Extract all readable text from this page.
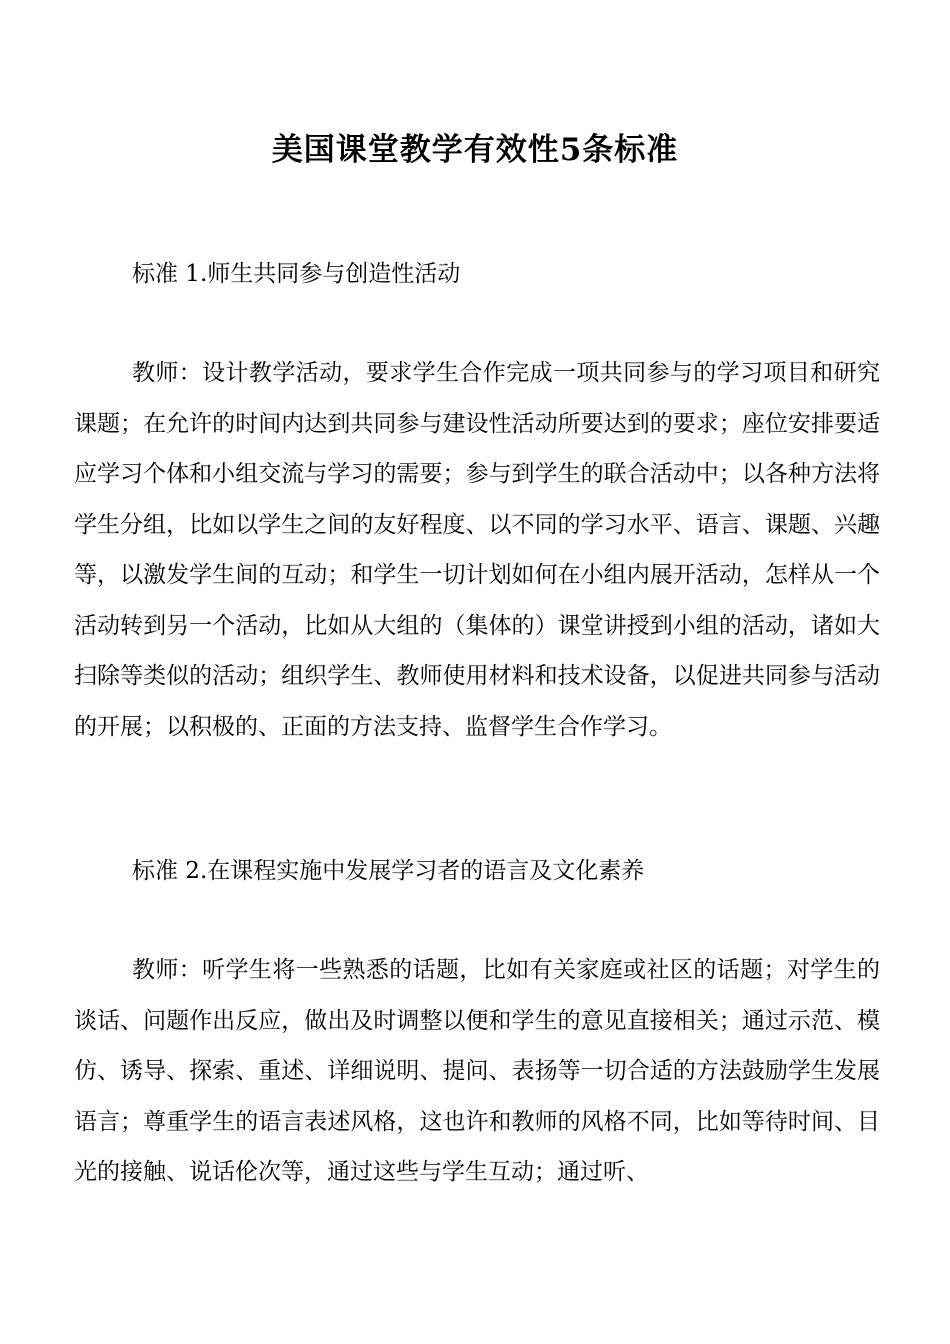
美国课堂教学有效性5条标准
标准 1.师生共同参与创造性活动
教师：设计教学活动，要求学生合作完成一项共同参与的学习项目和研究课题；在允许的时间内达到共同参与建设性活动所要达到的要求；座位安排要适应学习个体和小组交流与学习的需要；参与到学生的联合活动中；以各种方法将学生分组，比如以学生之间的友好程度、以不同的学习水平、语言、课题、兴趣等，以激发学生间的互动；和学生一切计划如何在小组内展开活动，怎样从一个活动转到另一个活动，比如从大组的（集体的）课堂讲授到小组的活动，诸如大扫除等类似的活动；组织学生、教师使用材料和技术设备，以促进共同参与活动的开展；以积极的、正面的方法支持、监督学生合作学习。
标准 2.在课程实施中发展学习者的语言及文化素养
教师：听学生将一些熟悉的话题，比如有关家庭或社区的话题；对学生的谈话、问题作出反应，做出及时调整以便和学生的意见直接相关；通过示范、模仿、诱导、探索、重述、详细说明、提问、表扬等一切合适的方法鼓励学生发展语言；尊重学生的语言表述风格，这也许和教师的风格不同，比如等待时间、目光的接触、说话伦次等，通过这些与学生互动；通过听、
